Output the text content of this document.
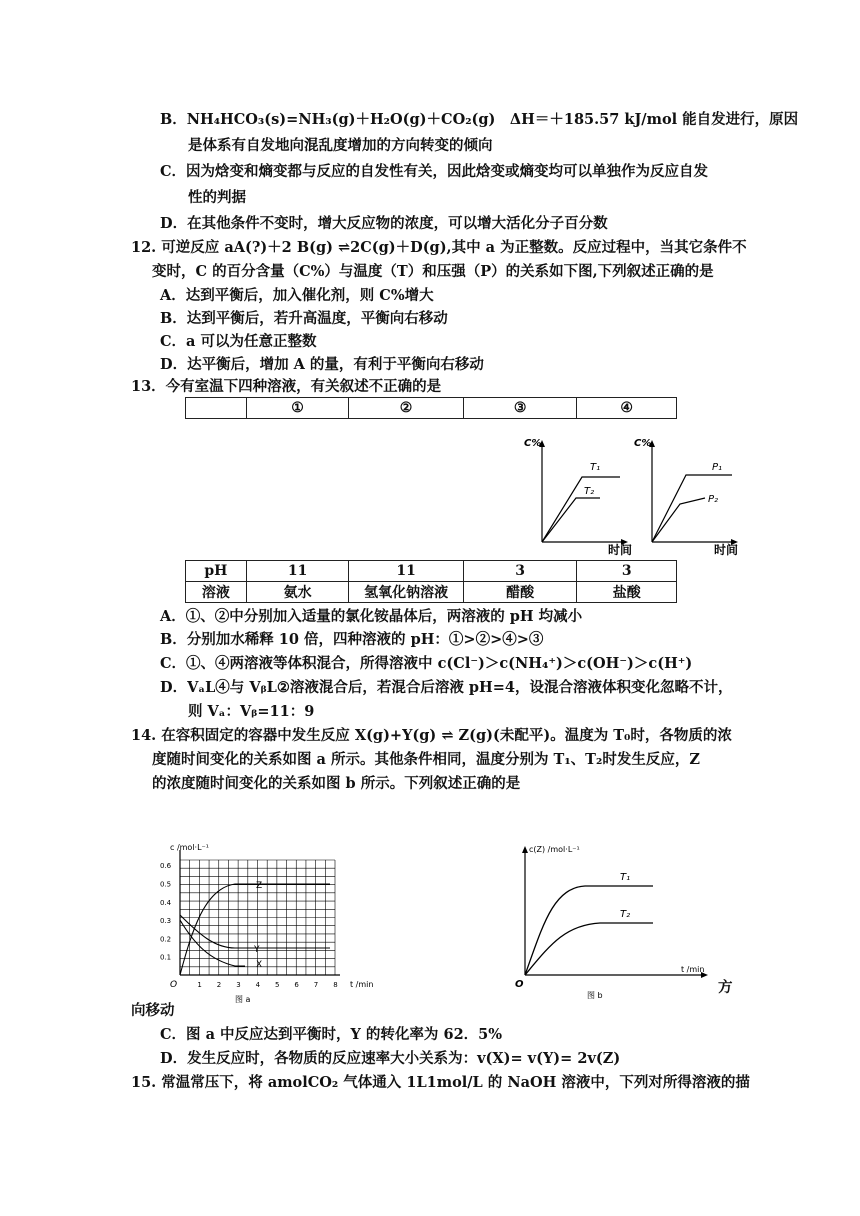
B．NH₄HCO₃(s)=NH₃(g)＋H₂O(g)＋CO₂(g)　ΔH＝＋185.57 kJ/mol 能自发进行，原因
是体系有自发地向混乱度增加的方向转变的倾向
C．因为焓变和熵变都与反应的自发性有关，因此焓变或熵变均可以单独作为反应自发
性的判据
D．在其他条件不变时，增大反应物的浓度，可以增大活化分子百分数
12. 可逆反应 aA(?)＋2 B(g) ⇌2C(g)＋D(g),其中 a 为正整数。反应过程中，当其它条件不
变时，C 的百分含量（C%）与温度（T）和压强（P）的关系如下图,下列叙述正确的是
A．达到平衡后，加入催化剂，则 C%增大
B．达到平衡后，若升高温度，平衡向右移动
C．a 可以为任意正整数
D．达平衡后，增加 A 的量，有利于平衡向右移动
13．今有室温下四种溶液，有关叙述不正确的是
	①	②	③	④
C%
T₁
T₂
时间
C%
P₁
P₂
时间
pH	11	11	3	3
溶液	氨水	氢氧化钠溶液	醋酸	盐酸
A．①、②中分别加入适量的氯化铵晶体后，两溶液的 pH 均减小
B．分别加水稀释 10 倍，四种溶液的 pH：①>②>④>③
C．①、④两溶液等体积混合，所得溶液中 c(Cl⁻)＞c(NH₄⁺)＞c(OH⁻)＞c(H⁺)
D．VₐL④与 VᵦL②溶液混合后，若混合后溶液 pH=4，设混合溶液体积变化忽略不计，
则 Vₐ：Vᵦ=11：9
14. 在容积固定的容器中发生反应 X(g)+Y(g) ⇌ Z(g)(未配平)。温度为 T₀时，各物质的浓
度随时间变化的关系如图 a 所示。其他条件相同，温度分别为 T₁、T₂时发生反应，Z
的浓度随时间变化的关系如图 b 所示。下列叙述正确的是
c /mol·L⁻¹
0.1
0.2
0.3
0.4
0.5
0.6
1 2 3 4 5 6 7 8
O	t /min
图 a
Z
Y
X
c(Z) /mol·L⁻¹
T₁
T₂
O
t /min
图 b	方
向移动
C．图 a 中反应达到平衡时，Y 的转化率为 62．5%
D．发生反应时，各物质的反应速率大小关系为：v(X)= v(Y)= 2v(Z)
15. 常温常压下，将 amolCO₂ 气体通入 1L1mol/L 的 NaOH 溶液中，下列对所得溶液的描
